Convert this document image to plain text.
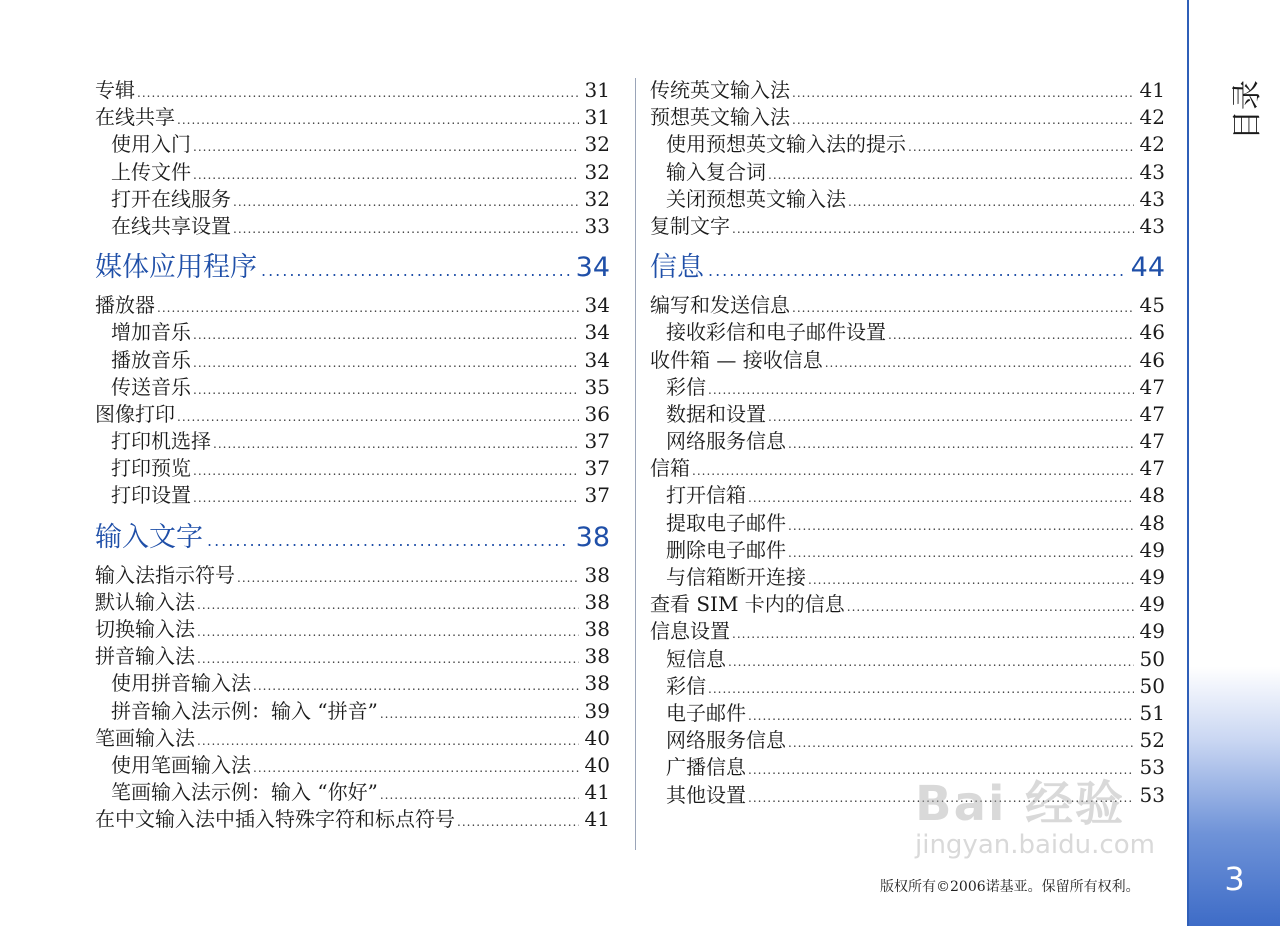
专辑 .....	31
在线共享 .....	31
使用入门 .....	32
上传文件 .....	32
打开在线服务 .....	32
在线共享设置 .....	33
媒体应用程序 .....	34
播放器 .....	34
增加音乐 .....	34
播放音乐 .....	34
传送音乐 .....	35
图像打印 .....	36
打印机选择 .....	37
打印预览 .....	37
打印设置 .....	37
输入文字 .....	38
输入法指示符号 .....	38
默认输入法 .....	38
切换输入法 .....	38
拼音输入法 .....	38
使用拼音输入法 .....	38
拼音输入法示例：输入 “拼音” .....	39
笔画输入法 .....	40
使用笔画输入法 .....	40
笔画输入法示例：输入 “你好” .....	41
在中文输入法中插入特殊字符和标点符号 .....	41
传统英文输入法 .....	41
预想英文输入法 .....	42
使用预想英文输入法的提示 .....	42
输入复合词 .....	43
关闭预想英文输入法 .....	43
复制文字 .....	43
信息 .....	44
编写和发送信息 .....	45
接收彩信和电子邮件设置 .....	46
收件箱 — 接收信息 .....	46
彩信 .....	47
数据和设置 .....	47
网络服务信息 .....	47
信箱 .....	47
打开信箱 .....	48
提取电子邮件 .....	48
删除电子邮件 .....	49
与信箱断开连接 .....	49
查看 SIM 卡内的信息 .....	49
信息设置 .....	49
短信息 .....	50
彩信 .....	50
电子邮件 .....	51
网络服务信息 .....	52
广播信息 .....	53
其他设置 .....	53
目录
3
Bai 经验
jingyan.baidu.com
版权所有©2006诺基亚。保留所有权利。
